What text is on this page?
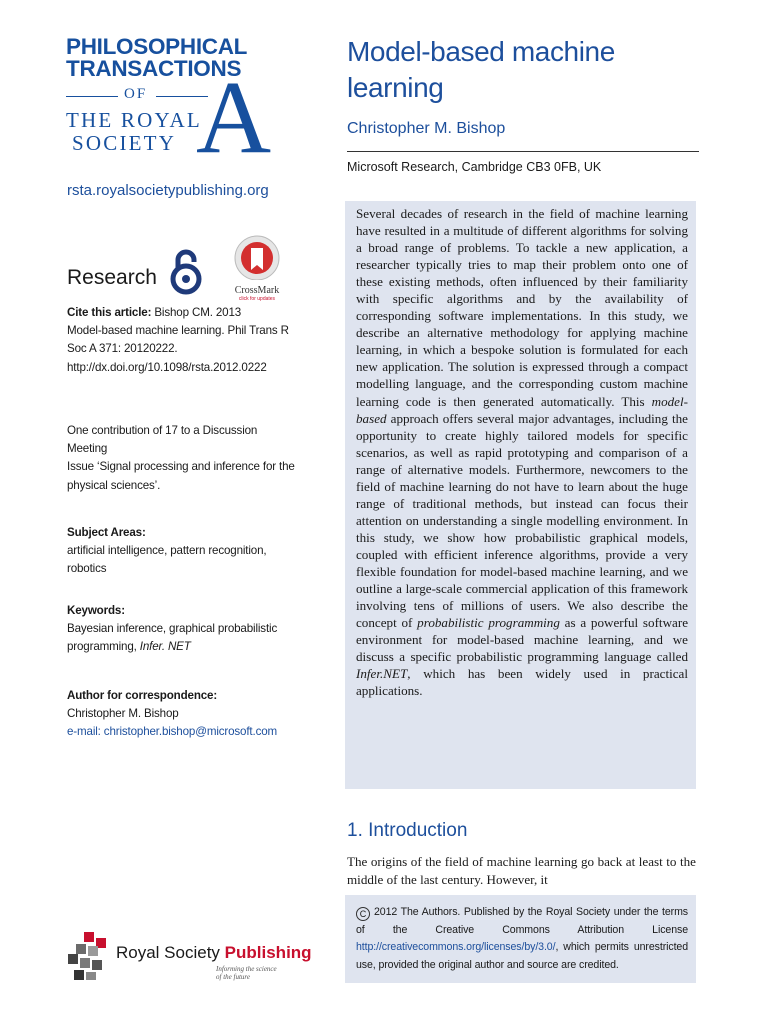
PHILOSOPHICAL
TRANSACTIONS
OF
THE ROYAL
SOCIETY A
rsta.royalsocietypublishing.org
Research
CrossMark
click for updates
Cite this article: Bishop CM. 2013
Model-based machine learning. Phil Trans R
Soc A 371: 20120222.
http://dx.doi.org/10.1098/rsta.2012.0222
One contribution of 17 to a Discussion Meeting
Issue ‘Signal processing and inference for the
physical sciences’.
Subject Areas:
artificial intelligence, pattern recognition,
robotics
Keywords:
Bayesian inference, graphical probabilistic
programming, Infer. NET
Author for correspondence:
Christopher M. Bishop
e-mail: christopher.bishop@microsoft.com
Model-based machine learning
Christopher M. Bishop
Microsoft Research, Cambridge CB3 0FB, UK
Several decades of research in the field of machine learning have resulted in a multitude of different algorithms for solving a broad range of problems. To tackle a new application, a researcher typically tries to map their problem onto one of these existing methods, often influenced by their familiarity with specific algorithms and by the availability of corresponding software implementations. In this study, we describe an alternative methodology for applying machine learning, in which a bespoke solution is formulated for each new application. The solution is expressed through a compact modelling language, and the corresponding custom machine learning code is then generated automatically. This model-based approach offers several major advantages, including the opportunity to create highly tailored models for specific scenarios, as well as rapid prototyping and comparison of a range of alternative models. Furthermore, newcomers to the field of machine learning do not have to learn about the huge range of traditional methods, but instead can focus their attention on understanding a single modelling environment. In this study, we show how probabilistic graphical models, coupled with efficient inference algorithms, provide a very flexible foundation for model-based machine learning, and we outline a large-scale commercial application of this framework involving tens of millions of users. We also describe the concept of probabilistic programming as a powerful software environment for model-based machine learning, and we discuss a specific probabilistic programming language called Infer.NET, which has been widely used in practical applications.
1. Introduction
The origins of the field of machine learning go back at least to the middle of the last century. However, it
C 2012 The Authors. Published by the Royal Society under the terms of the Creative Commons Attribution License http://creativecommons.org/licenses/by/3.0/, which permits unrestricted use, provided the original author and source are credited.
Royal Society Publishing
Informing the science
of the future
